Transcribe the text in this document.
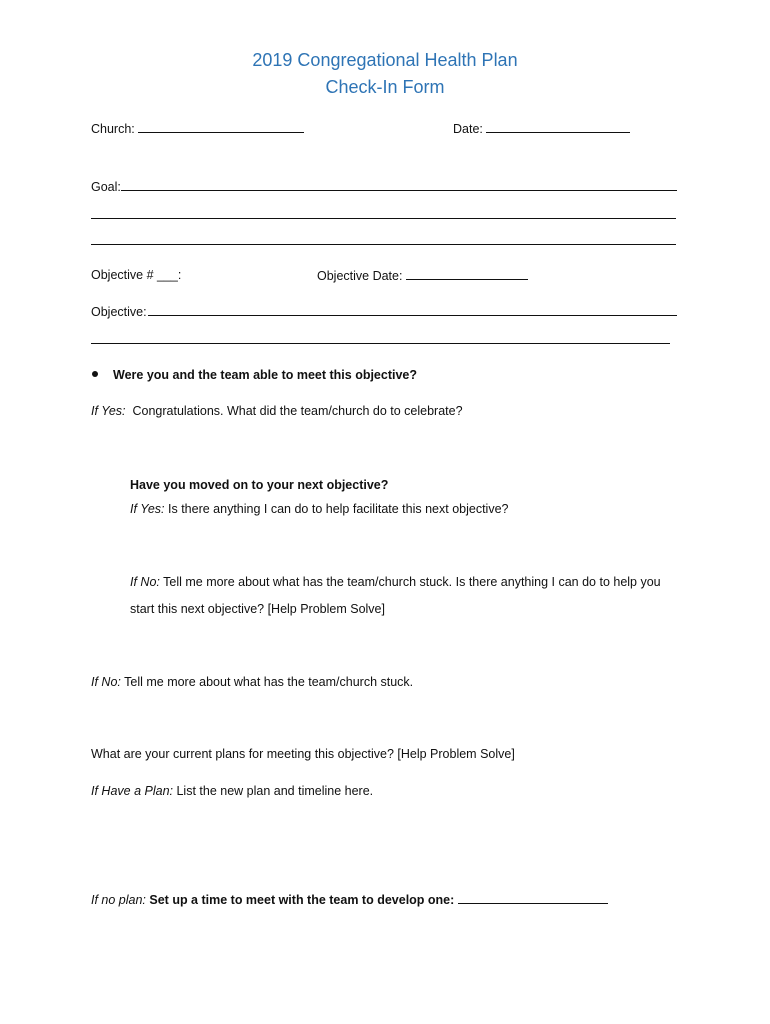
2019 Congregational Health Plan
Check-In Form
Church:	Date:
Goal:
Objective # ___:	Objective Date:
Objective:
Were you and the team able to meet this objective?
If Yes: Congratulations. What did the team/church do to celebrate?
Have you moved on to your next objective?
If Yes: Is there anything I can do to help facilitate this next objective?
If No: Tell me more about what has the team/church stuck. Is there anything I can do to help you
start this next objective? [Help Problem Solve]
If No: Tell me more about what has the team/church stuck.
What are your current plans for meeting this objective? [Help Problem Solve]
If Have a Plan: List the new plan and timeline here.
If no plan: Set up a time to meet with the team to develop one:
